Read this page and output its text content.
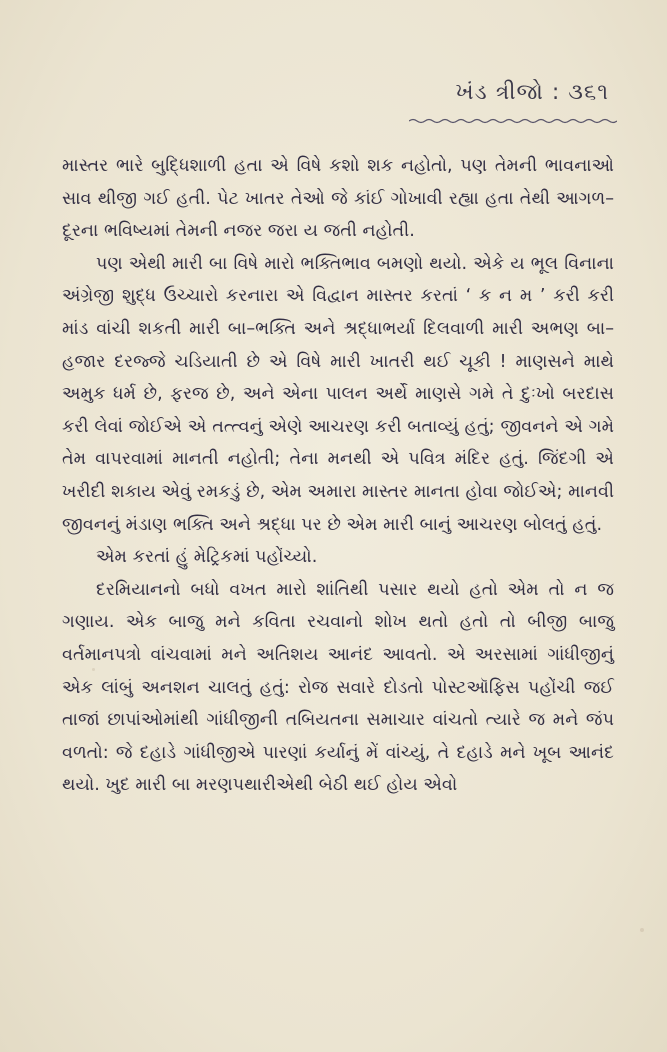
ખંડ ત્રીજો : ૩૬૧

માસ્તર ભારે બુદ્ધિશાળી હતા એ વિષે કશો શક નહોતો, પણ તેમની ભાવનાઓ સાવ થીજી ગઈ હતી. પેટ ખાતર તેઓ જે કાંઈ ગોખાવી રહ્યા હતા તેથી આગળ–દૂરના ભવિષ્યમાં તેમની નજર જરા ય જતી નહોતી.

પણ એથી મારી બા વિષે મારો ભક્તિભાવ બમણો થયો. એકે ય ભૂલ વિનાના અંગ્રેજી શુદ્ધ ઉચ્ચારો કરનારા એ વિદ્વાન માસ્તર કરતાં ‘ ક ન મ ’ કરી કરી માંડ વાંચી શકતી મારી બા–ભક્તિ અને શ્રદ્ધાભર્યા દિલવાળી મારી અભણ બા–હજાર દરજ્જે ચડિયાતી છે એ વિષે મારી ખાતરી થઈ ચૂકી ! માણસને માથે અમુક ધર્મ છે, ફરજ છે, અને એના પાલન અર્થે માણસે ગમે તે દુઃખો બરદાસ કરી લેવાં જોઈએ એ તત્ત્વનું એણે આચરણ કરી બતાવ્યું હતું; જીવનને એ ગમે તેમ વાપરવામાં માનતી નહોતી; તેના મનથી એ પવિત્ર મંદિર હતું. જિંદગી એ ખરીદી શકાય એવું રમકડું છે, એમ અમારા માસ્તર માનતા હોવા જોઈએ; માનવી જીવનનું મંડાણ ભક્તિ અને શ્રદ્ધા પર છે એમ મારી બાનું આચરણ બોલતું હતું.

એમ કરતાં હું મેટ્રિકમાં પહોંચ્યો.

દરમિયાનનો બધો વખત મારો શાંતિથી પસાર થયો હતો એમ તો ન જ ગણાય. એક બાજુ મને કવિતા રચવાનો શોખ થતો હતો તો બીજી બાજુ વર્તમાનપત્રો વાંચવામાં મને અતિશય આનંદ આવતો. એ અરસામાં ગાંધીજીનું એક લાંબું અનશન ચાલતું હતું: રોજ સવારે દોડતો પોસ્ટઑફિસ પહોંચી જઈ તાજાં છાપાંઓમાંથી ગાંધીજીની તબિયતના સમાચાર વાંચતો ત્યારે જ મને જંપ વળતો: જે દહાડે ગાંધીજીએ પારણાં કર્યાનું મેં વાંચ્યું, તે દહાડે મને ખૂબ આનંદ થયો. ખુદ મારી બા મરણપથારીએથી બેઠી થઈ હોય એવો
